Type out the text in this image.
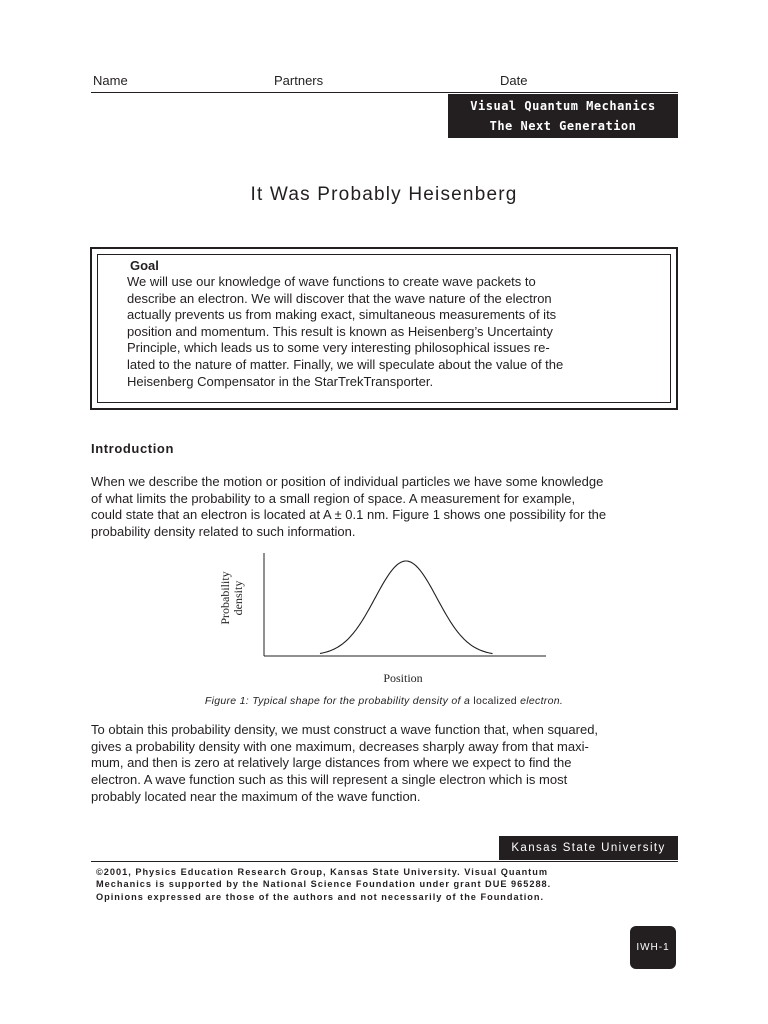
Name	Partners	Date
Visual Quantum Mechanics
The Next Generation
It Was Probably Heisenberg
Goal
We will use our knowledge of wave functions to create wave packets to
describe an electron. We will discover that the wave nature of the electron
actually prevents us from making exact, simultaneous measurements of its
position and momentum. This result is known as Heisenberg’s Uncertainty
Principle, which leads us to some very interesting philosophical issues re-
lated to the nature of matter. Finally, we will speculate about the value of the
Heisenberg Compensator in the StarTrekTransporter.
Introduction
When we describe the motion or position of individual particles we have some knowledge
of what limits the probability to a small region of space. A measurement for example,
could state that an electron is located at A ± 0.1 nm. Figure 1 shows one possibility for the
probability density related to such information.
Probability
density
Position
Figure 1: Typical shape for the probability density of a localized electron.
To obtain this probability density, we must construct a wave function that, when squared,
gives a probability density with one maximum, decreases sharply away from that maxi-
mum, and then is zero at relatively large distances from where we expect to find the
electron. A wave function such as this will represent a single electron which is most
probably located near the maximum of the wave function.
Kansas State University
©2001, Physics Education Research Group, Kansas State University. Visual Quantum
Mechanics is supported by the National Science Foundation under grant DUE 965288.
Opinions expressed are those of the authors and not necessarily of the Foundation.
IWH-1
